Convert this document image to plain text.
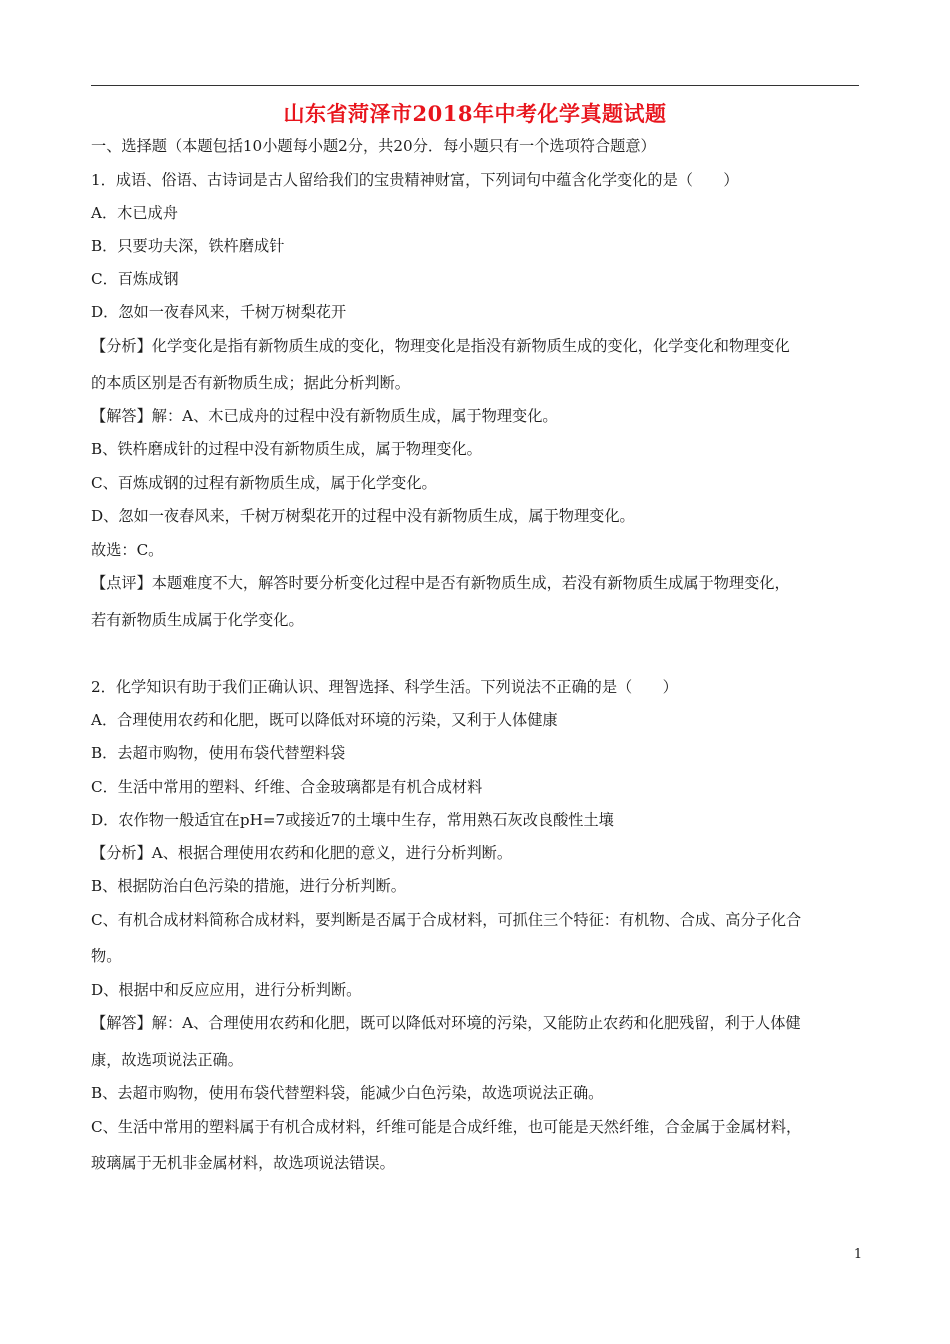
山东省菏泽市2018年中考化学真题试题
一、选择题（本题包括10小题每小题2分，共20分．每小题只有一个选项符合题意）
1．成语、俗语、古诗词是古人留给我们的宝贵精神财富，下列词句中蕴含化学变化的是（　　）
A．木已成舟
B．只要功夫深，铁杵磨成针
C．百炼成钢
D．忽如一夜春风来，千树万树梨花开
【分析】化学变化是指有新物质生成的变化，物理变化是指没有新物质生成的变化，化学变化和物理变化
的本质区别是否有新物质生成；据此分析判断。
【解答】解：A、木已成舟的过程中没有新物质生成，属于物理变化。
B、铁杵磨成针的过程中没有新物质生成，属于物理变化。
C、百炼成钢的过程有新物质生成，属于化学变化。
D、忽如一夜春风来，千树万树梨花开的过程中没有新物质生成，属于物理变化。
故选：C。
【点评】本题难度不大，解答时要分析变化过程中是否有新物质生成，若没有新物质生成属于物理变化，
若有新物质生成属于化学变化。
2．化学知识有助于我们正确认识、理智选择、科学生活。下列说法不正确的是（　　）
A．合理使用农药和化肥，既可以降低对环境的污染，又利于人体健康
B．去超市购物，使用布袋代替塑料袋
C．生活中常用的塑料、纤维、合金玻璃都是有机合成材料
D．农作物一般适宜在pH=7或接近7的土壤中生存，常用熟石灰改良酸性土壤
【分析】A、根据合理使用农药和化肥的意义，进行分析判断。
B、根据防治白色污染的措施，进行分析判断。
C、有机合成材料简称合成材料，要判断是否属于合成材料，可抓住三个特征：有机物、合成、高分子化合
物。
D、根据中和反应应用，进行分析判断。
【解答】解：A、合理使用农药和化肥，既可以降低对环境的污染，又能防止农药和化肥残留，利于人体健
康，故选项说法正确。
B、去超市购物，使用布袋代替塑料袋，能减少白色污染，故选项说法正确。
C、生活中常用的塑料属于有机合成材料，纤维可能是合成纤维，也可能是天然纤维，合金属于金属材料，
玻璃属于无机非金属材料，故选项说法错误。
1
